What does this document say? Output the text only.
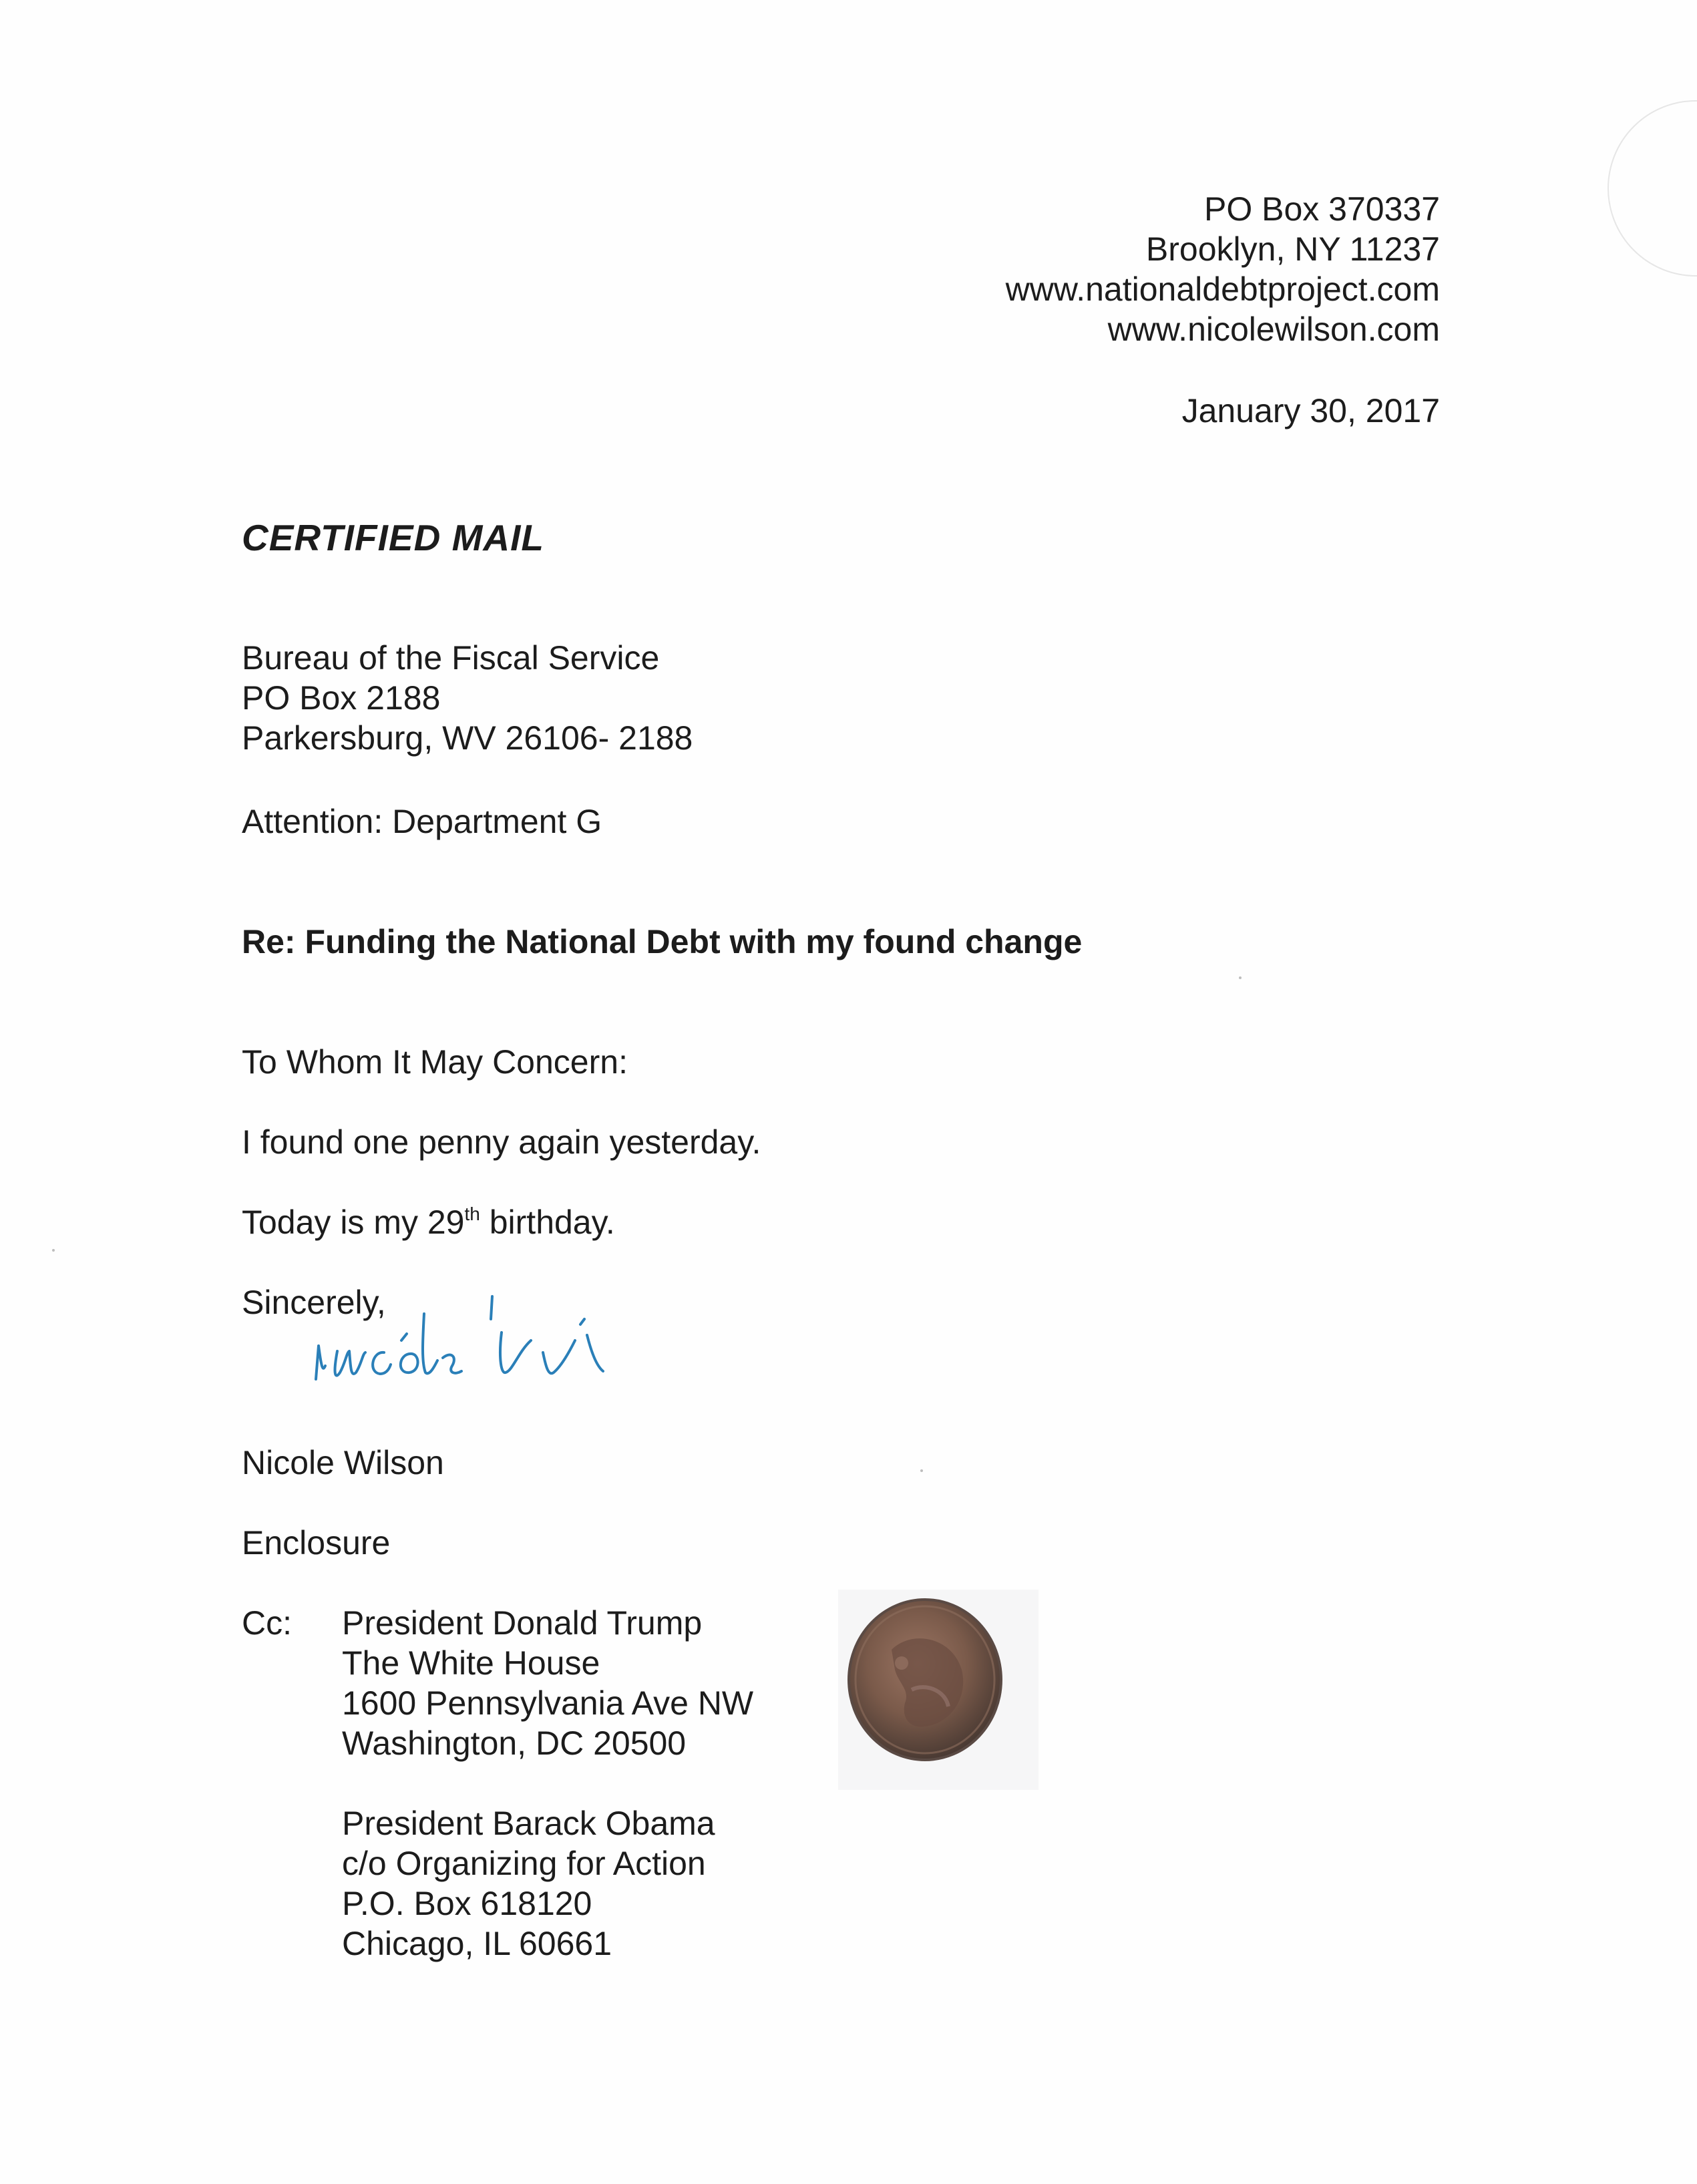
PO Box 370337
Brooklyn, NY 11237
www.nationaldebtproject.com
www.nicolewilson.com
January 30, 2017
CERTIFIED MAIL
Bureau of the Fiscal Service
PO Box 2188
Parkersburg, WV 26106- 2188
Attention: Department G
Re: Funding the National Debt with my found change
To Whom It May Concern:
I found one penny again yesterday.
Today is my 29th birthday.
Sincerely,
Nicole Wilson
Enclosure
Cc: President Donald Trump
The White House
1600 Pennsylvania Ave NW
Washington, DC 20500
President Barack Obama
c/o Organizing for Action
P.O. Box 618120
Chicago, IL 60661
